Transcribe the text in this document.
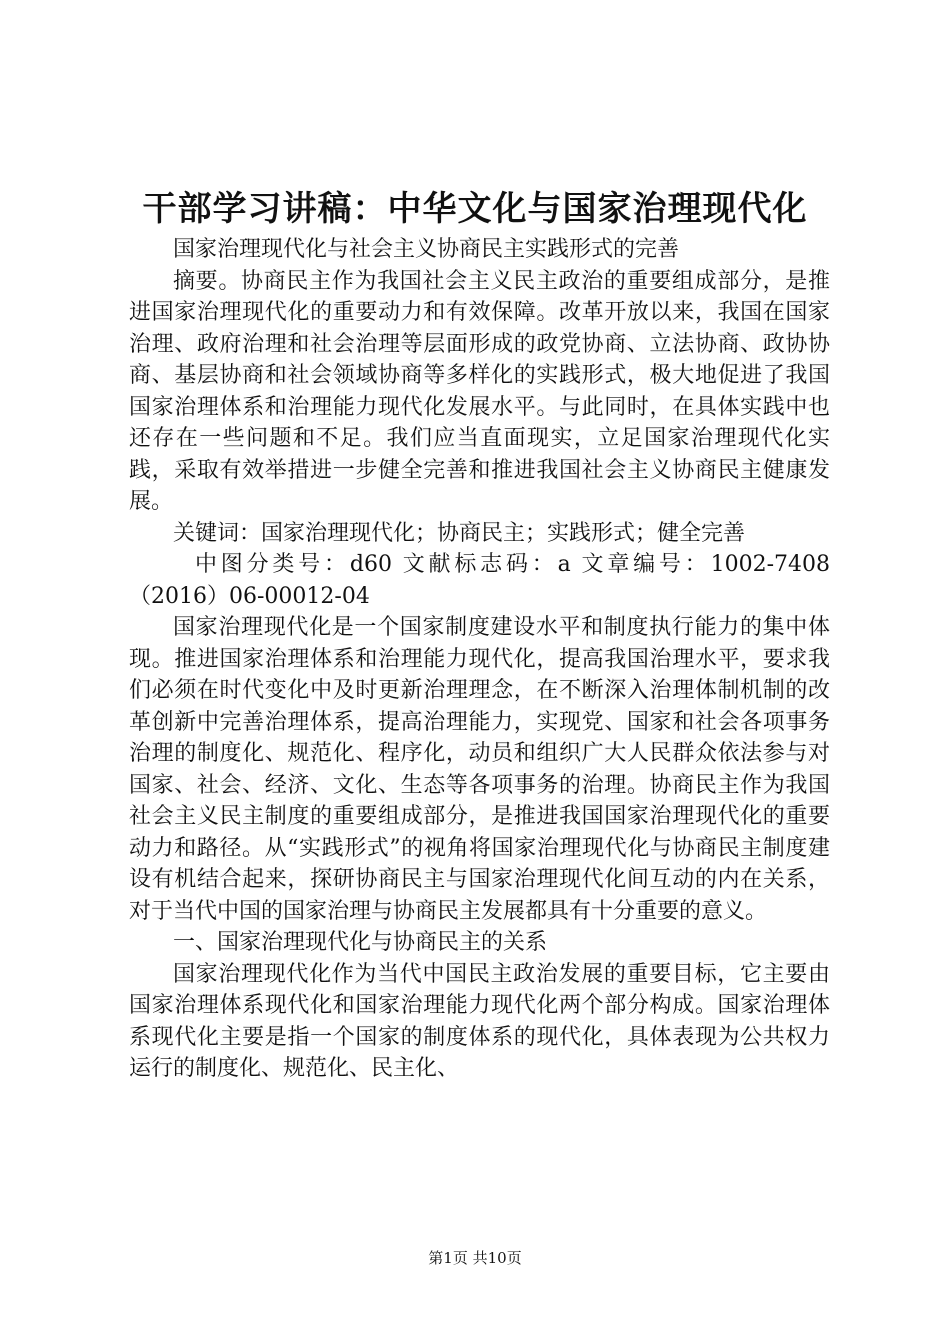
干部学习讲稿：中华文化与国家治理现代化

国家治理现代化与社会主义协商民主实践形式的完善

摘要。协商民主作为我国社会主义民主政治的重要组成部分，是推进国家治理现代化的重要动力和有效保障。改革开放以来，我国在国家治理、政府治理和社会治理等层面形成的政党协商、立法协商、政协协商、基层协商和社会领域协商等多样化的实践形式，极大地促进了我国国家治理体系和治理能力现代化发展水平。与此同时，在具体实践中也还存在一些问题和不足。我们应当直面现实，立足国家治理现代化实践，采取有效举措进一步健全完善和推进我国社会主义协商民主健康发展。

关键词：国家治理现代化；协商民主；实践形式；健全完善

中图分类号：d60 文献标志码：a 文章编号：1002-7408（2016）06-00012-04

国家治理现代化是一个国家制度建设水平和制度执行能力的集中体现。推进国家治理体系和治理能力现代化，提高我国治理水平，要求我们必须在时代变化中及时更新治理理念，在不断深入治理体制机制的改革创新中完善治理体系，提高治理能力，实现党、国家和社会各项事务治理的制度化、规范化、程序化，动员和组织广大人民群众依法参与对国家、社会、经济、文化、生态等各项事务的治理。协商民主作为我国社会主义民主制度的重要组成部分，是推进我国国家治理现代化的重要动力和路径。从“实践形式”的视角将国家治理现代化与协商民主制度建设有机结合起来，探研协商民主与国家治理现代化间互动的内在关系，对于当代中国的国家治理与协商民主发展都具有十分重要的意义。

一、国家治理现代化与协商民主的关系

国家治理现代化作为当代中国民主政治发展的重要目标，它主要由国家治理体系现代化和国家治理能力现代化两个部分构成。国家治理体系现代化主要是指一个国家的制度体系的现代化，具体表现为公共权力运行的制度化、规范化、民主化、

第1页 共10页
